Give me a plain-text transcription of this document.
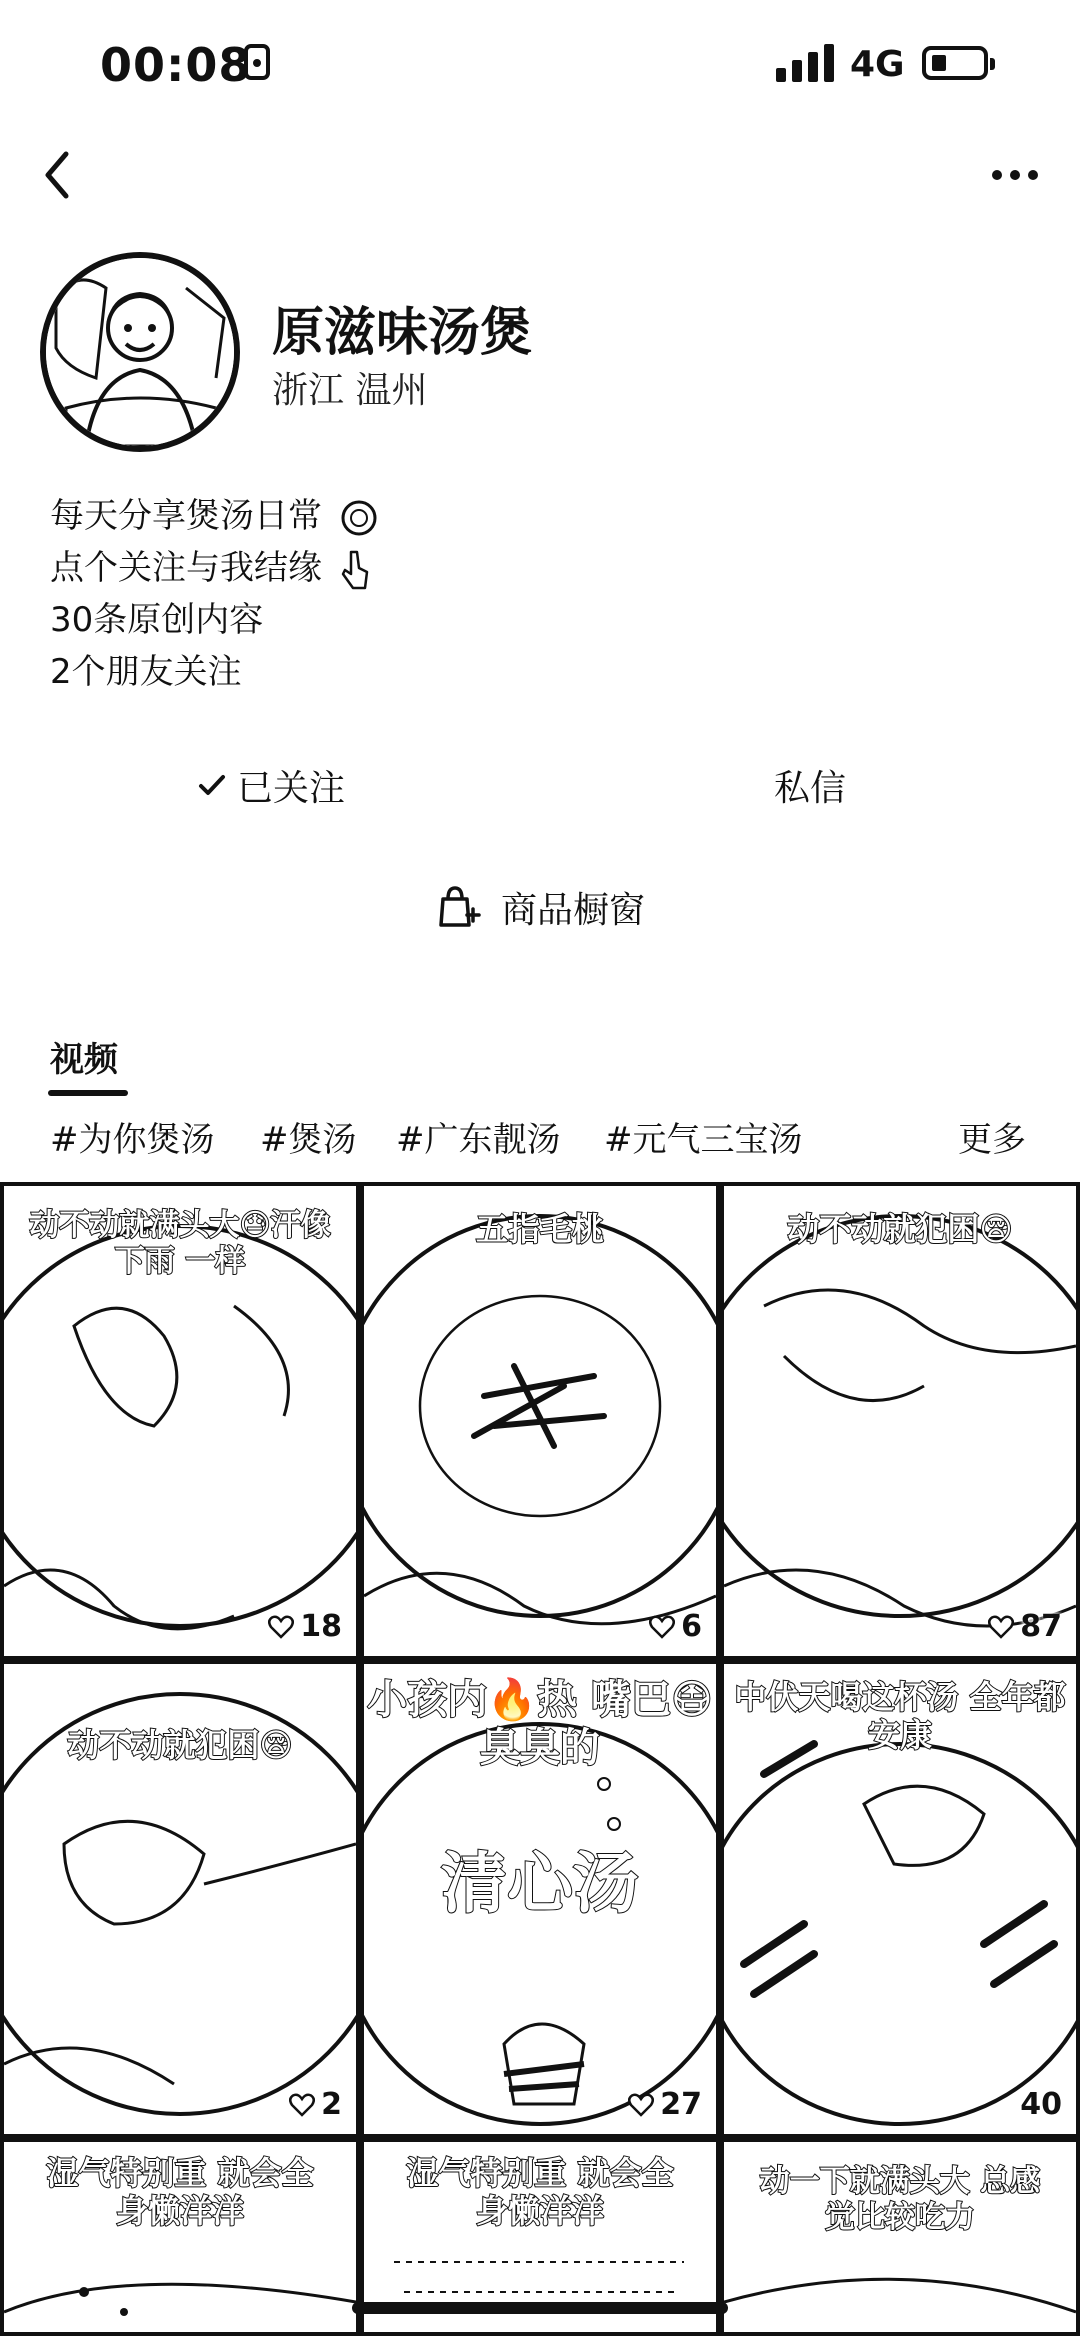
00:08	4G
原滋味汤煲
浙江 温州
每天分享煲汤日常
点个关注与我结缘
30条原创内容
2个朋友关注
已关注	私信
商品橱窗
视频
#为你煲汤 #煲汤 #广东靓汤 #元气三宝汤	更多
动不动就满头大😓汗像下雨 一样
18
五指毛桃
6
动不动就犯困😪
87
动不动就犯困😪
2
小孩内🔥热 嘴巴😷臭臭的
清心汤
27
中伏天喝这杯汤 全年都安康
40
湿气特别重 就会全身懒洋洋
湿气特别重 就会全身懒洋洋
动一下就满头大 总感觉比较吃力
